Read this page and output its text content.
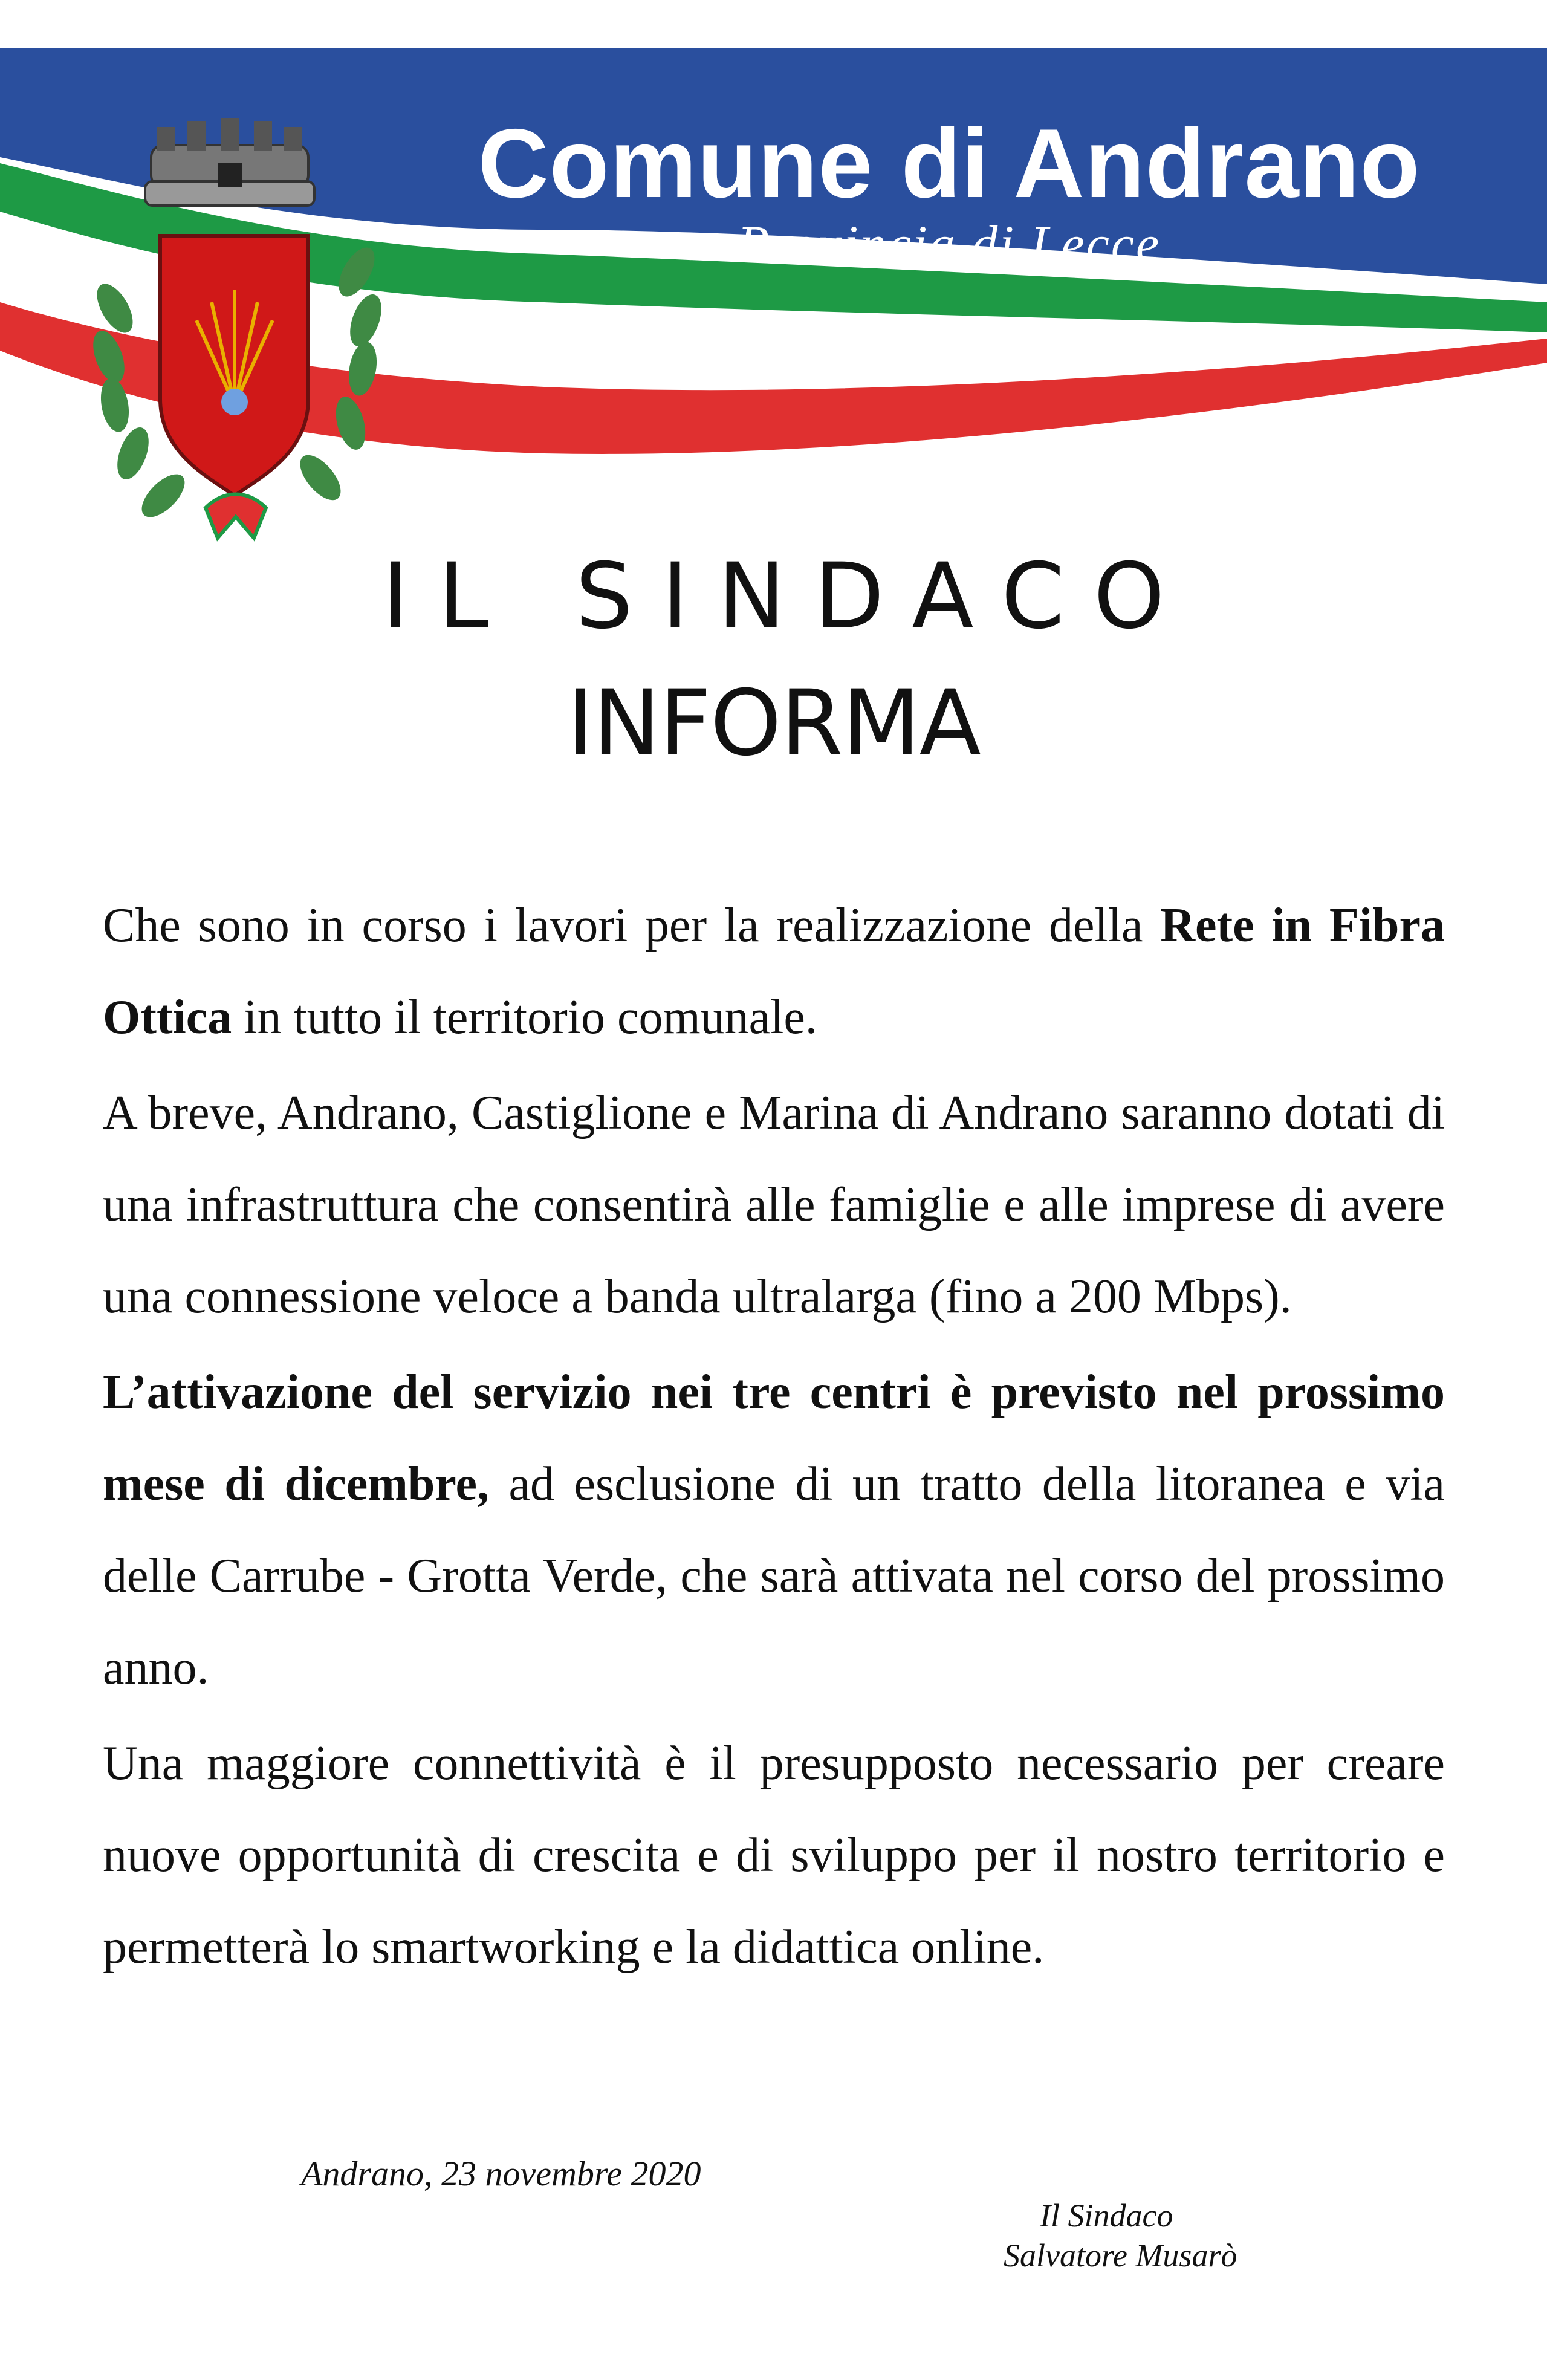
Comune di Andrano
Provincia di Lecce
IL SINDACO
INFORMA

Che sono in corso i lavori per la realizzazione della Rete in Fibra Ottica in tutto il territorio comunale.

A breve, Andrano, Castiglione e Marina di Andrano saranno dotati di una infrastruttura che consentirà alle famiglie e alle imprese di avere una connessione veloce a banda ultralarga (fino a 200 Mbps).

L’attivazione del servizio nei tre centri è previsto nel prossimo mese di dicembre, ad esclusione di un tratto della litoranea e via delle Carrube - Grotta Verde, che sarà attivata nel corso del prossimo anno.

Una maggiore connettività è il presupposto necessario per creare nuove opportunità di crescita e di sviluppo per il nostro territorio e permetterà lo smartworking e la didattica online.

Andrano, 23 novembre 2020
Il Sindaco
Salvatore Musarò
